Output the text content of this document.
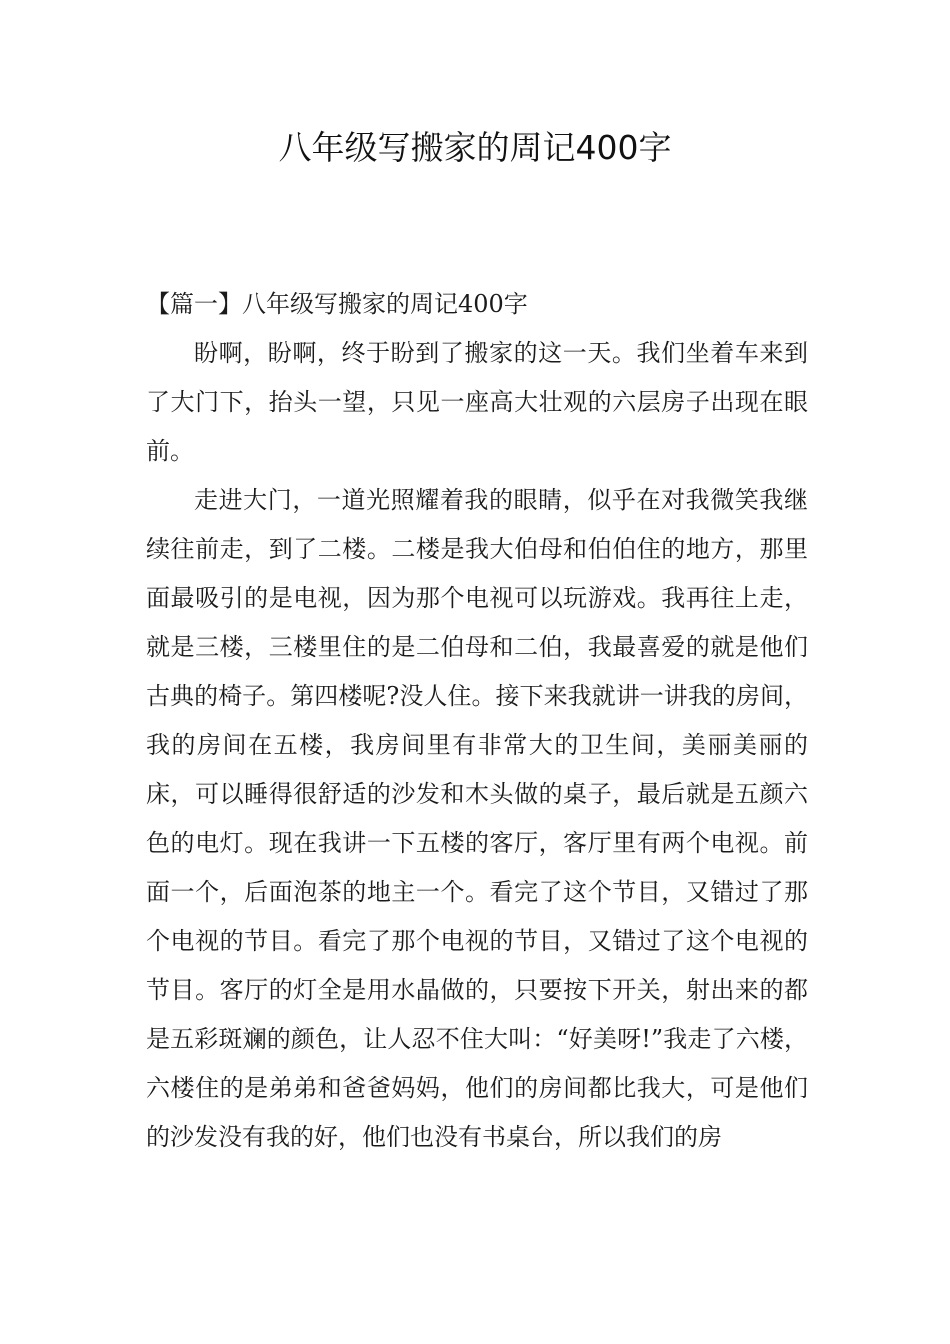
八年级写搬家的周记400字

【篇一】八年级写搬家的周记400字

盼啊，盼啊，终于盼到了搬家的这一天。我们坐着车来到了大门下，抬头一望，只见一座高大壮观的六层房子出现在眼前。

走进大门，一道光照耀着我的眼睛，似乎在对我微笑我继续往前走，到了二楼。二楼是我大伯母和伯伯住的地方，那里面最吸引的是电视，因为那个电视可以玩游戏。我再往上走，就是三楼，三楼里住的是二伯母和二伯，我最喜爱的就是他们古典的椅子。第四楼呢?没人住。接下来我就讲一讲我的房间，我的房间在五楼，我房间里有非常大的卫生间，美丽美丽的床，可以睡得很舒适的沙发和木头做的桌子，最后就是五颜六色的电灯。现在我讲一下五楼的客厅，客厅里有两个电视。前面一个，后面泡茶的地主一个。看完了这个节目，又错过了那个电视的节目。看完了那个电视的节目，又错过了这个电视的节目。客厅的灯全是用水晶做的，只要按下开关，射出来的都是五彩斑斓的颜色，让人忍不住大叫：“好美呀!”我走了六楼，六楼住的是弟弟和爸爸妈妈，他们的房间都比我大，可是他们的沙发没有我的好，他们也没有书桌台，所以我们的房
